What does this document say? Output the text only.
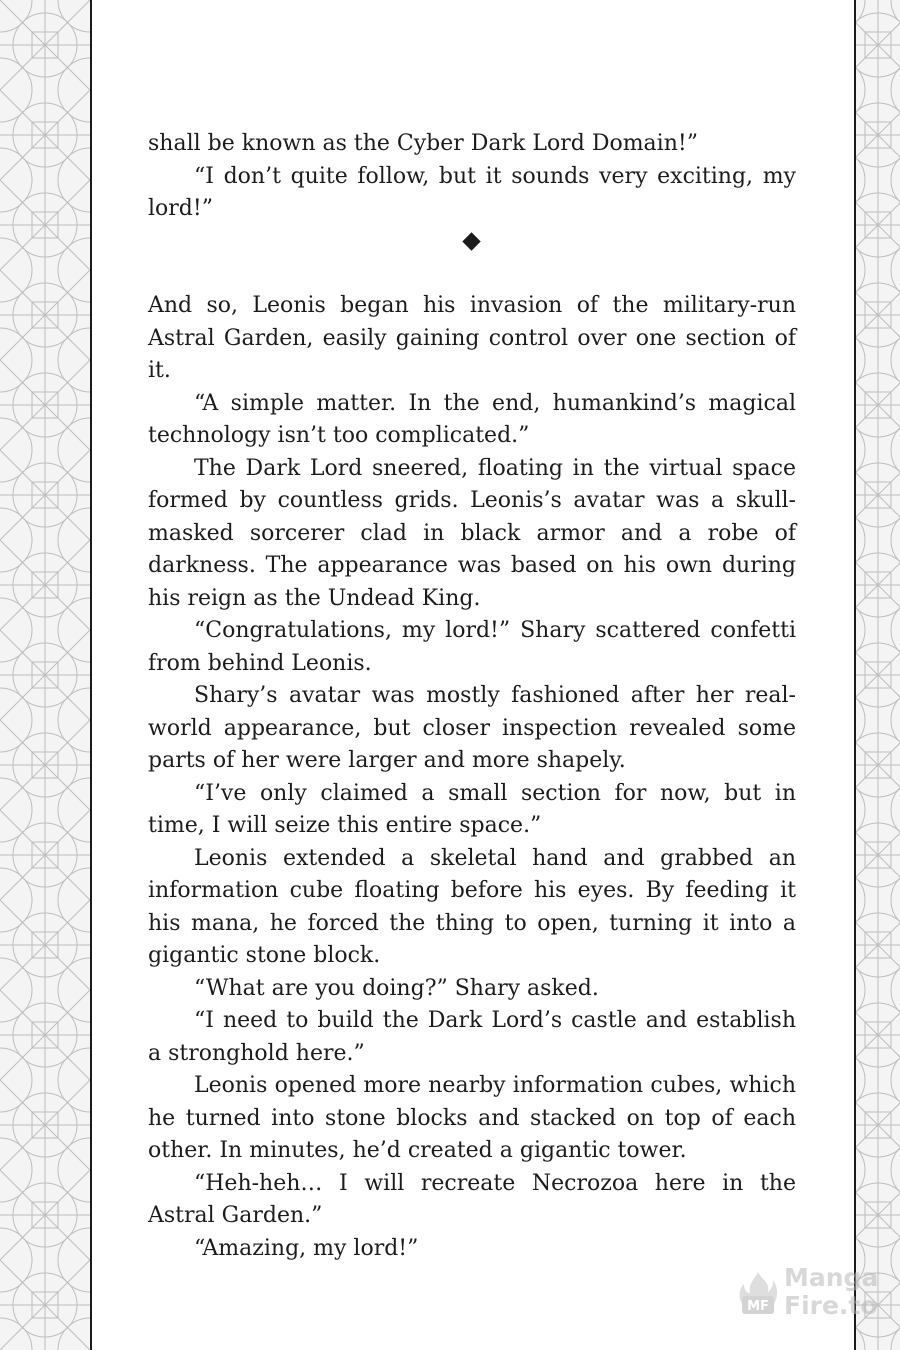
shall be known as the Cyber Dark Lord Domain!”

“I don’t quite follow, but it sounds very exciting, my lord!”

And so, Leonis began his invasion of the military-run Astral Garden, easily gaining control over one section of it.

“A simple matter. In the end, humankind’s magical technology isn’t too complicated.”

The Dark Lord sneered, floating in the virtual space formed by countless grids. Leonis’s avatar was a skull-masked sorcerer clad in black armor and a robe of darkness. The appearance was based on his own during his reign as the Undead King.

“Congratulations, my lord!” Shary scattered confetti from behind Leonis.

Shary’s avatar was mostly fashioned after her real-world appearance, but closer inspection revealed some parts of her were larger and more shapely.

“I’ve only claimed a small section for now, but in time, I will seize this entire space.”

Leonis extended a skeletal hand and grabbed an information cube floating before his eyes. By feeding it his mana, he forced the thing to open, turning it into a gigantic stone block.

“What are you doing?” Shary asked.

“I need to build the Dark Lord’s castle and establish a stronghold here.”

Leonis opened more nearby information cubes, which he turned into stone blocks and stacked on top of each other. In minutes, he’d created a gigantic tower.

“Heh-heh… I will recreate Necrozoa here in the Astral Garden.”

“Amazing, my lord!”

MF
Manga
Fire.to
